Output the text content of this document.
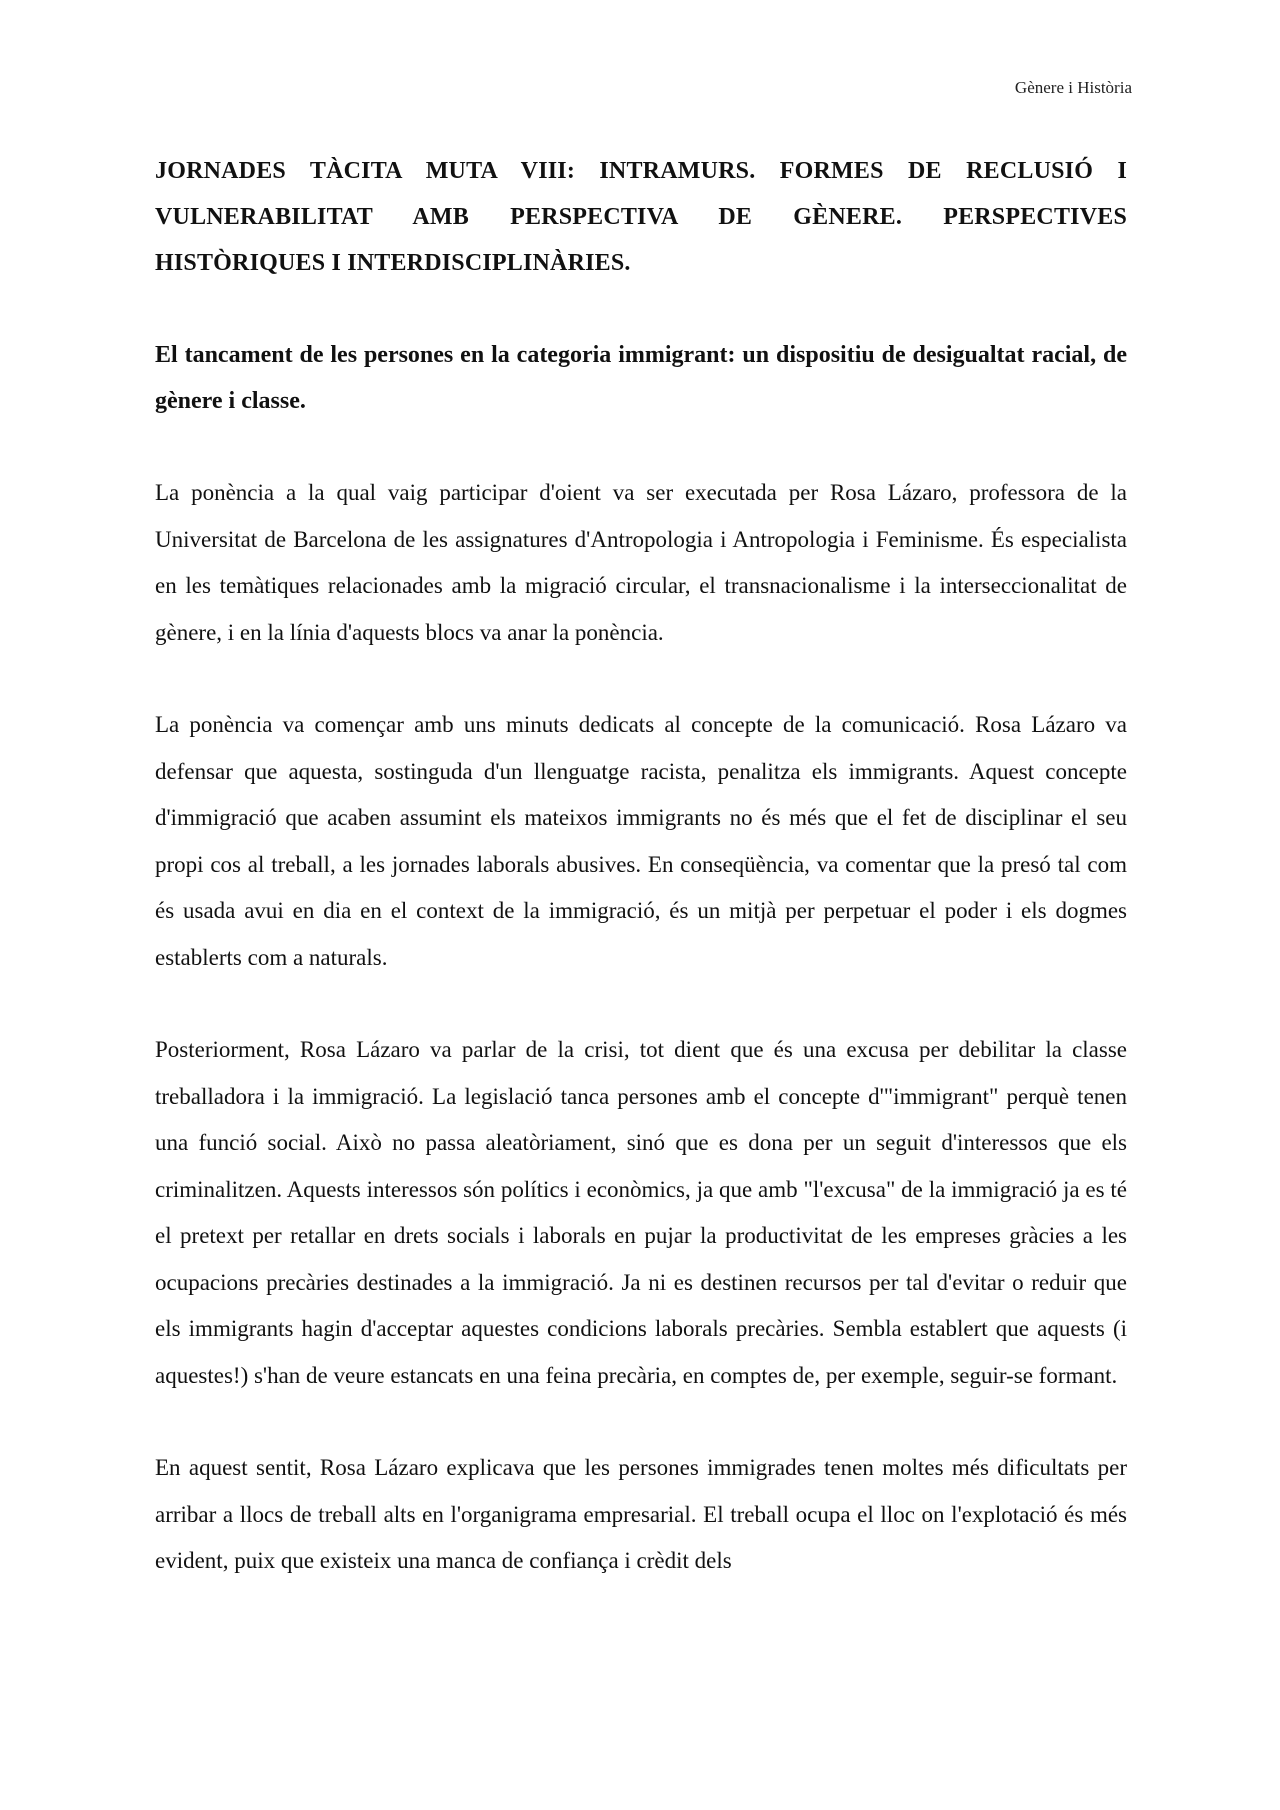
Gènere i Història
JORNADES TÀCITA MUTA VIII: INTRAMURS. FORMES DE RECLUSIÓ I VULNERABILITAT AMB PERSPECTIVA DE GÈNERE. PERSPECTIVES HISTÒRIQUES I INTERDISCIPLINÀRIES.
El tancament de les persones en la categoria immigrant: un dispositiu de desigualtat racial, de gènere i classe.

La ponència a la qual vaig participar d'oient va ser executada per Rosa Lázaro, professora de la Universitat de Barcelona de les assignatures d'Antropologia i Antropologia i Feminisme. És especialista en les temàtiques relacionades amb la migració circular, el transnacionalisme i la interseccionalitat de gènere, i en la línia d'aquests blocs va anar la ponència.

La ponència va començar amb uns minuts dedicats al concepte de la comunicació. Rosa Lázaro va defensar que aquesta, sostinguda d'un llenguatge racista, penalitza els immigrants. Aquest concepte d'immigració que acaben assumint els mateixos immigrants no és més que el fet de disciplinar el seu propi cos al treball, a les jornades laborals abusives. En conseqüència, va comentar que la presó tal com és usada avui en dia en el context de la immigració, és un mitjà per perpetuar el poder i els dogmes establerts com a naturals.

Posteriorment, Rosa Lázaro va parlar de la crisi, tot dient que és una excusa per debilitar la classe treballadora i la immigració. La legislació tanca persones amb el concepte d'"immigrant" perquè tenen una funció social. Això no passa aleatòriament, sinó que es dona per un seguit d'interessos que els criminalitzen. Aquests interessos són polítics i econòmics, ja que amb "l'excusa" de la immigració ja es té el pretext per retallar en drets socials i laborals en pujar la productivitat de les empreses gràcies a les ocupacions precàries destinades a la immigració. Ja ni es destinen recursos per tal d'evitar o reduir que els immigrants hagin d'acceptar aquestes condicions laborals precàries. Sembla establert que aquests (i aquestes!) s'han de veure estancats en una feina precària, en comptes de, per exemple, seguir-se formant.

En aquest sentit, Rosa Lázaro explicava que les persones immigrades tenen moltes més dificultats per arribar a llocs de treball alts en l'organigrama empresarial. El treball ocupa el lloc on l'explotació és més evident, puix que existeix una manca de confiança i crèdit dels
